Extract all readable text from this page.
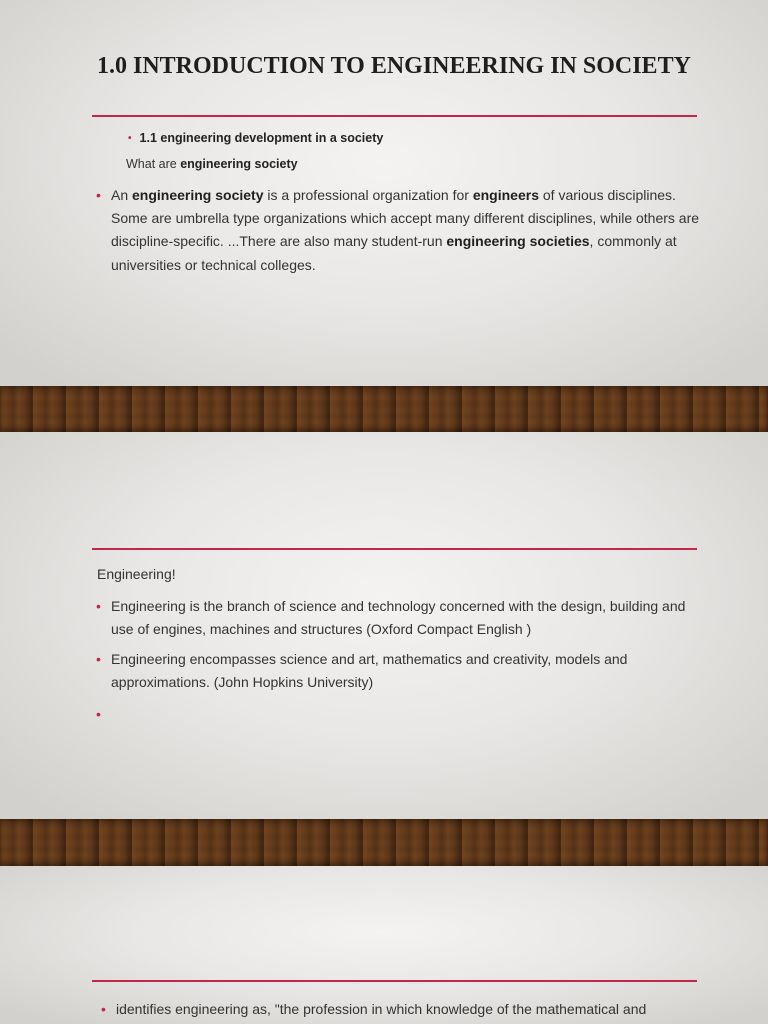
1.0 INTRODUCTION TO ENGINEERING IN SOCIETY
• 1.1 engineering development in a society
What are engineering society
• An engineering society is a professional organization for engineers of various disciplines. Some are umbrella type organizations which accept many different disciplines, while others are discipline-specific. ...There are also many student-run engineering societies, commonly at universities or technical colleges.
Engineering!
• Engineering is the branch of science and technology concerned with the design, building and use of engines, machines and structures (Oxford Compact English )
• Engineering encompasses science and art, mathematics and creativity, models and approximations. (John Hopkins University)
•
• identifies engineering as, "the profession in which knowledge of the mathematical and
